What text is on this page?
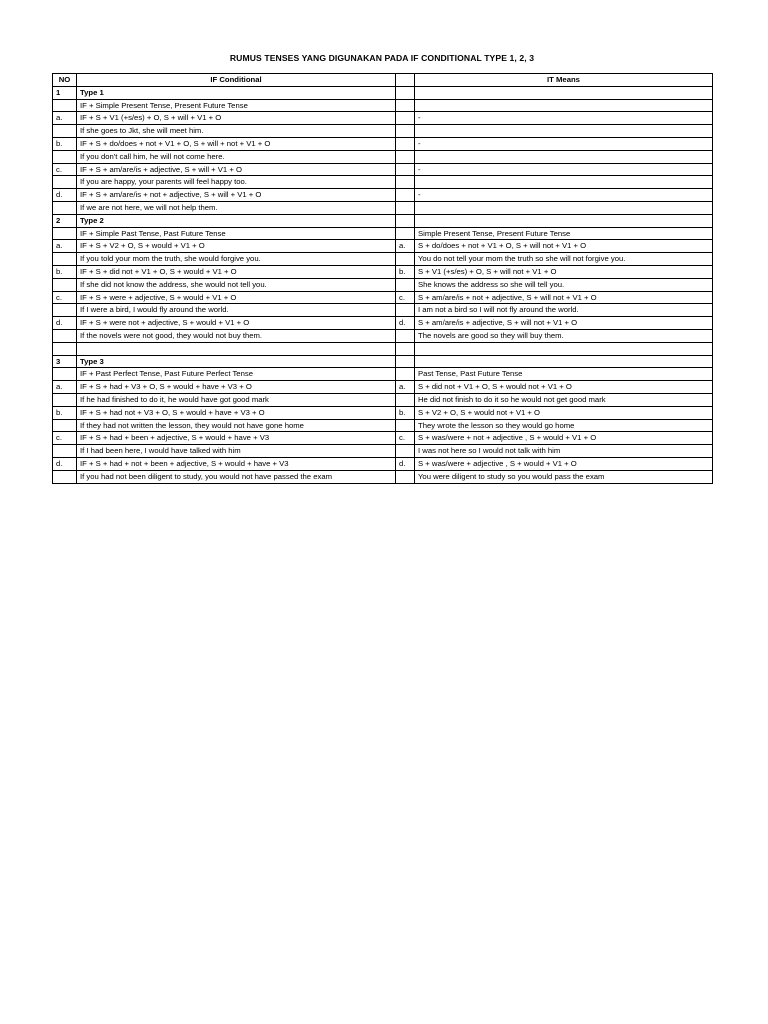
RUMUS TENSES YANG DIGUNAKAN PADA IF CONDITIONAL TYPE 1, 2, 3
NO	IF Conditional		IT Means
1	Type 1		
	IF + Simple Present Tense, Present Future Tense		
a.	IF + S + V1 (+s/es) + O, S + will + V1 + O		-
	If she goes to Jkt, she will meet him.		
b.	IF + S + do/does + not + V1 + O, S + will + not + V1 + O		-
	If you don't call him, he will not come here.		
c.	IF + S + am/are/is + adjective, S + will + V1 + O		-
	If you are happy, your parents will feel happy too.		
d.	IF + S + am/are/is + not + adjective, S + will + V1 + O		-
	If we are not here, we will not help them.		
2	Type 2		
	IF + Simple Past Tense, Past Future Tense		Simple Present Tense, Present Future Tense
a.	IF + S + V2 + O, S + would + V1 + O	a.	S + do/does + not + V1 + O, S + will not + V1 + O
	If you told your mom the truth, she would forgive you.		You do not tell your mom the truth so she will not forgive you.
b.	IF + S + did not + V1 + O, S + would + V1 + O	b.	S + V1 (+s/es) + O, S + will not + V1 + O
	If she did not know the address, she would not tell you.		She knows the address so she will tell you.
c.	IF + S + were + adjective, S + would + V1 + O	c.	S + am/are/is + not + adjective, S + will not + V1 + O
	If I were a bird, I would fly around the world.		I am not a bird so I will not fly around the world.
d.	IF + S + were not + adjective, S + would + V1 + O	d.	S + am/are/is + adjective, S + will not + V1 + O
	If the novels were not good, they would not buy them.		The novels are good so they will buy them.

3	Type 3		
	IF + Past Perfect Tense, Past Future Perfect Tense		Past Tense, Past Future Tense
a.	IF + S + had + V3 + O, S + would + have + V3 + O	a.	S + did not + V1 + O, S + would not + V1 + O
	If he had finished to do it, he would have got good mark		He did not finish to do it so he would not get good mark
b.	IF + S + had not + V3 + O, S + would + have + V3 + O	b.	S + V2 + O, S + would not + V1 + O
	If they had not written the lesson, they would not have gone home		They wrote the lesson so they would go home
c.	IF + S + had + been + adjective, S + would + have + V3	c.	S + was/were + not + adjective , S + would + V1 + O
	If I had been here, I would have talked with him		I was not here so I would not talk with him
d.	IF + S + had + not + been + adjective, S + would + have + V3	d.	S + was/were + adjective , S + would + V1 + O
	If you had not been diligent to study, you would not have passed the exam		You were diligent to study so you would pass the exam
